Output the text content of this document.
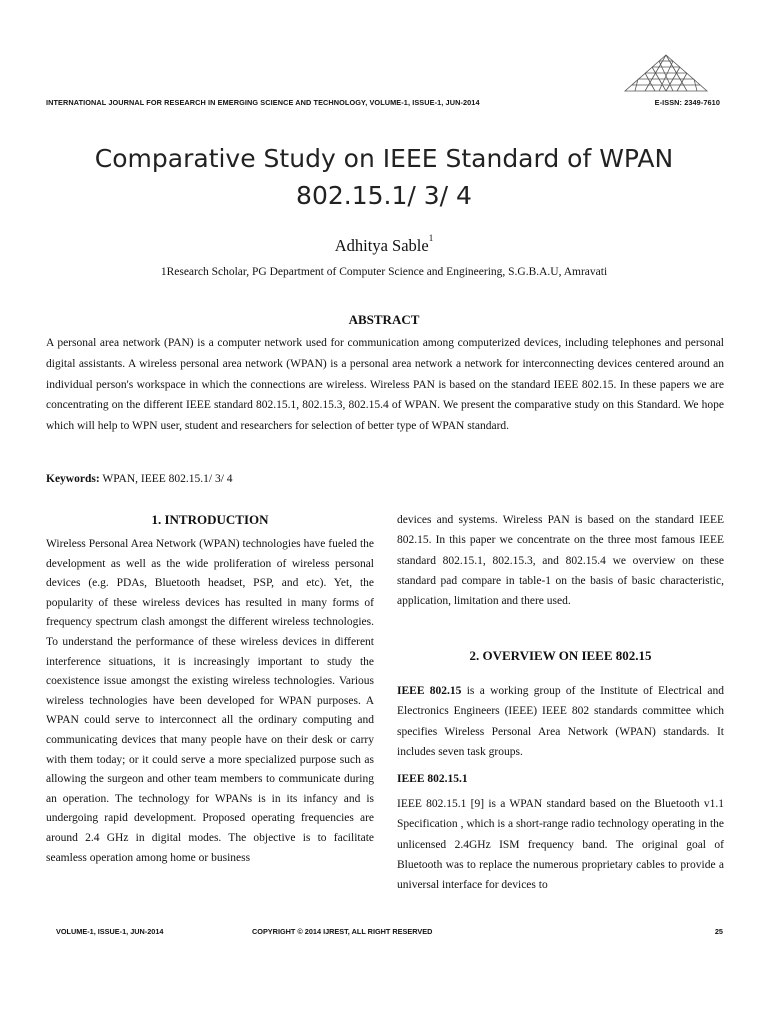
INTERNATIONAL JOURNAL FOR RESEARCH IN EMERGING SCIENCE AND TECHNOLOGY, VOLUME-1, ISSUE-1, JUN-2014	E-ISSN: 2349-7610
Comparative Study on IEEE Standard of WPAN
802.15.1/ 3/ 4
Adhitya Sable$^1$
1Research Scholar, PG Department of Computer Science and Engineering, S.G.B.A.U, Amravati
ABSTRACT
A personal area network (PAN) is a computer network used for communication among computerized devices, including telephones and personal digital assistants. A wireless personal area network (WPAN) is a personal area network a network for interconnecting devices centered around an individual person's workspace in which the connections are wireless. Wireless PAN is based on the standard IEEE 802.15. In these papers we are concentrating on the different IEEE standard 802.15.1, 802.15.3, 802.15.4 of WPAN. We present the comparative study on this Standard. We hope which will help to WPN user, student and researchers for selection of better type of WPAN standard.
Keywords: WPAN, IEEE 802.15.1/ 3/ 4
1. INTRODUCTION
Wireless Personal Area Network (WPAN) technologies have fueled the development as well as the wide proliferation of wireless personal devices (e.g. PDAs, Bluetooth headset, PSP, and etc). Yet, the popularity of these wireless devices has resulted in many forms of frequency spectrum clash amongst the different wireless technologies. To understand the performance of these wireless devices in different interference situations, it is increasingly important to study the coexistence issue amongst the existing wireless technologies. Various wireless technologies have been developed for WPAN purposes. A WPAN could serve to interconnect all the ordinary computing and communicating devices that many people have on their desk or carry with them today; or it could serve a more specialized purpose such as allowing the surgeon and other team members to communicate during an operation. The technology for WPANs is in its infancy and is undergoing rapid development. Proposed operating frequencies are around 2.4 GHz in digital modes. The objective is to facilitate seamless operation among home or business
devices and systems. Wireless PAN is based on the standard IEEE 802.15. In this paper we concentrate on the three most famous IEEE standard 802.15.1, 802.15.3, and 802.15.4 we overview on these standard pad compare in table-1 on the basis of basic characteristic, application, limitation and there used.
2. OVERVIEW ON IEEE 802.15
IEEE 802.15 is a working group of the Institute of Electrical and Electronics Engineers (IEEE) IEEE 802 standards committee which specifies Wireless Personal Area Network (WPAN) standards. It includes seven task groups.
IEEE 802.15.1
IEEE 802.15.1 [9] is a WPAN standard based on the Bluetooth v1.1 Specification , which is a short-range radio technology operating in the unlicensed 2.4GHz ISM frequency band. The original goal of Bluetooth was to replace the numerous proprietary cables to provide a universal interface for devices to
VOLUME-1, ISSUE-1, JUN-2014	COPYRIGHT © 2014 IJREST, ALL RIGHT RESERVED	25
